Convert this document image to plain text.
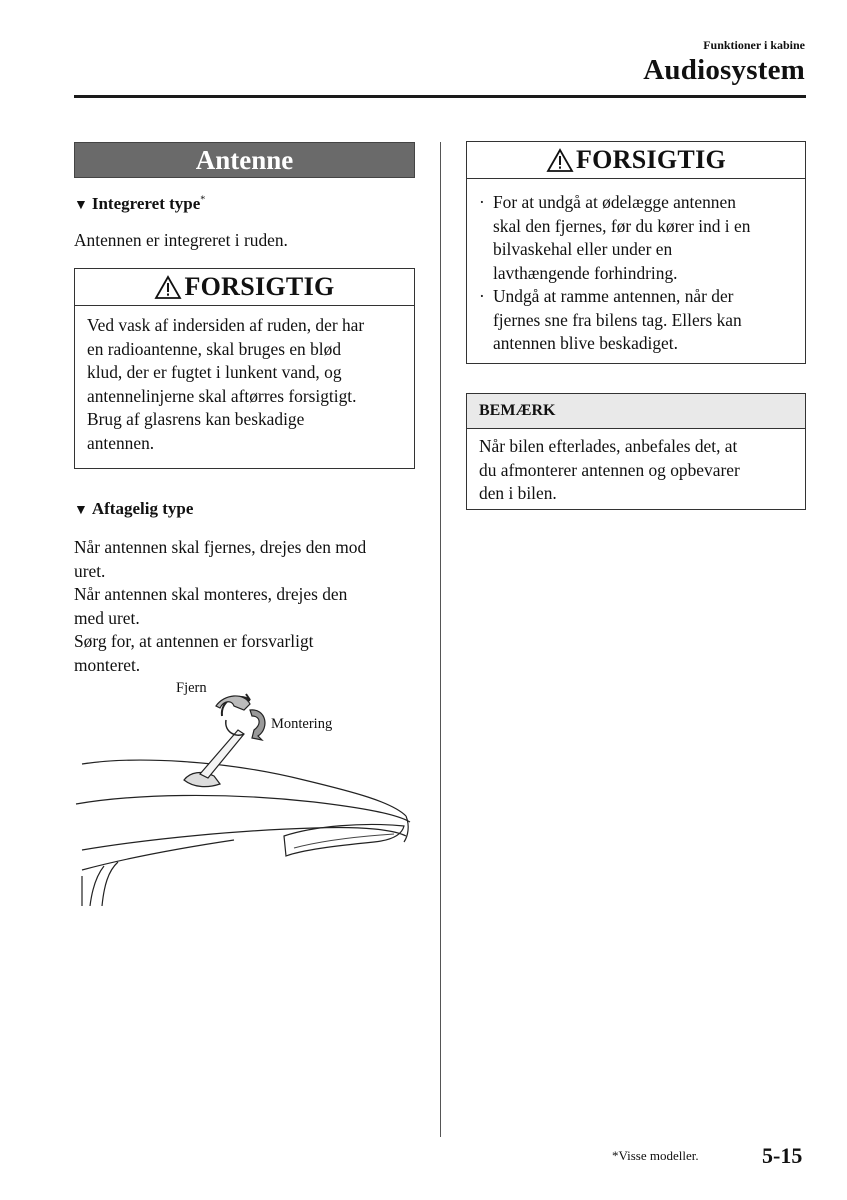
Funktioner i kabine
Audiosystem
Antenne
▼ Integreret type*
Antennen er integreret i ruden.
FORSIGTIG
Ved vask af indersiden af ruden, der har
en radioantenne, skal bruges en blød
klud, der er fugtet i lunkent vand, og
antennelinjerne skal aftørres forsigtigt.
Brug af glasrens kan beskadige
antennen.
▼ Aftagelig type
Når antennen skal fjernes, drejes den mod
uret.
Når antennen skal monteres, drejes den
med uret.
Sørg for, at antennen er forsvarligt
monteret.
Fjern
Montering
FORSIGTIG
· For at undgå at ødelægge antennen
skal den fjernes, før du kører ind i en
bilvaskehal eller under en
lavthængende forhindring.
· Undgå at ramme antennen, når der
fjernes sne fra bilens tag. Ellers kan
antennen blive beskadiget.
BEMÆRK
Når bilen efterlades, anbefales det, at
du afmonterer antennen og opbevarer
den i bilen.
*Visse modeller.	5-15
